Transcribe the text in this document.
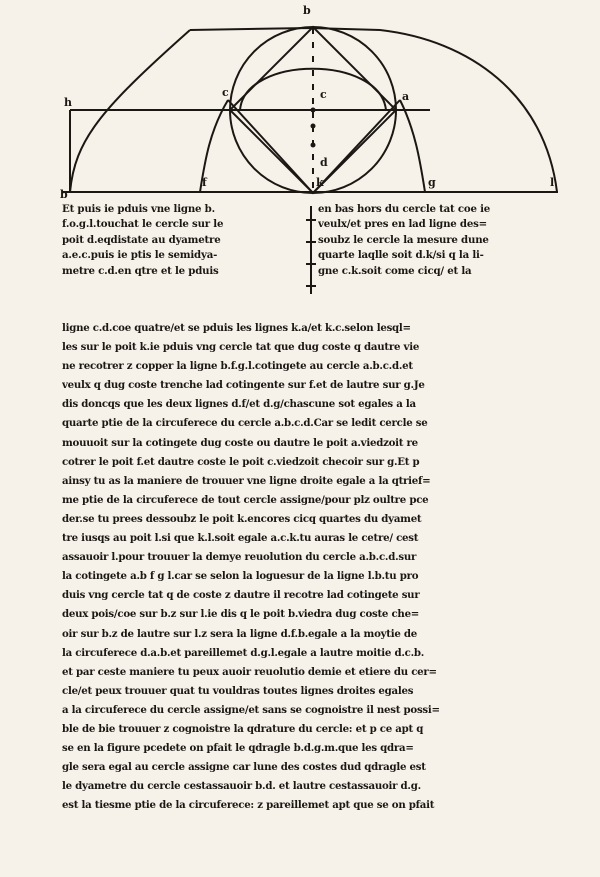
b
h
c	c	a
d
b
f	k	g	l
Et puis ie pduis vne ligne b.
f.o.g.l.touchat le cercle sur le
poit d.eqdistate au dyametre
a.e.c.puis ie ptis le semidya-
metre c.d.en qtre et le pduis
en bas hors du cercle tat coe ie
veulx/et pres en lad ligne des=
soubz le cercle la mesure dune
quarte laqlle soit d.k/si q la li-
gne c.k.soit come cicq/ et la
ligne c.d.coe quatre/et se pduis les lignes k.a/et k.c.selon lesql=
les sur le poit k.ie pduis vng cercle tat que dug coste q dautre vie
ne recotrer z copper la ligne b.f.g.l.cotingete au cercle a.b.c.d.et
veulx q dug coste trenche lad cotingente sur f.et de lautre sur g.Je
dis doncqs que les deux lignes d.f/et d.g/chascune sot egales a la
quarte ptie de la circuferece du cercle a.b.c.d.Car se ledit cercle se
mouuoit sur la cotingete dug coste ou dautre le poit a.viedzoit re
cotrer le poit f.et dautre coste le poit c.viedzoit checoir sur g.Et p
ainsy tu as la maniere de trouuer vne ligne droite egale a la qtrief=
me ptie de la circuferece de tout cercle assigne/pour plz oultre pce
der.se tu prees dessoubz le poit k.encores cicq quartes du dyamet
tre iusqs au poit l.si que k.l.soit egale a.c.k.tu auras le cetre/ cest
assauoir l.pour trouuer la demye reuolution du cercle a.b.c.d.sur
la cotingete a.b f g l.car se selon la loguesur de la ligne l.b.tu pro
duis vng cercle tat q de coste z dautre il recotre lad cotingete sur
deux pois/coe sur b.z sur l.ie dis q le poit b.viedra dug coste che=
oir sur b.z de lautre sur l.z sera la ligne d.f.b.egale a la moytie de
la circuferece d.a.b.et pareillemet d.g.l.egale a lautre moitie d.c.b.
et par ceste maniere tu peux auoir reuolutio demie et etiere du cer=
cle/et peux trouuer quat tu vouldras toutes lignes droites egales
a la circuferece du cercle assigne/et sans se cognoistre il nest possi=
ble de bie trouuer z cognoistre la qdrature du cercle: et p ce apt q
se en la figure pcedete on pfait le qdragle b.d.g.m.que les qdra=
gle sera egal au cercle assigne car lune des costes dud qdragle est
le dyametre du cercle cestassauoir b.d. et lautre cestassauoir d.g.
est la tiesme ptie de la circuferece: z pareillemet apt que se on pfait
